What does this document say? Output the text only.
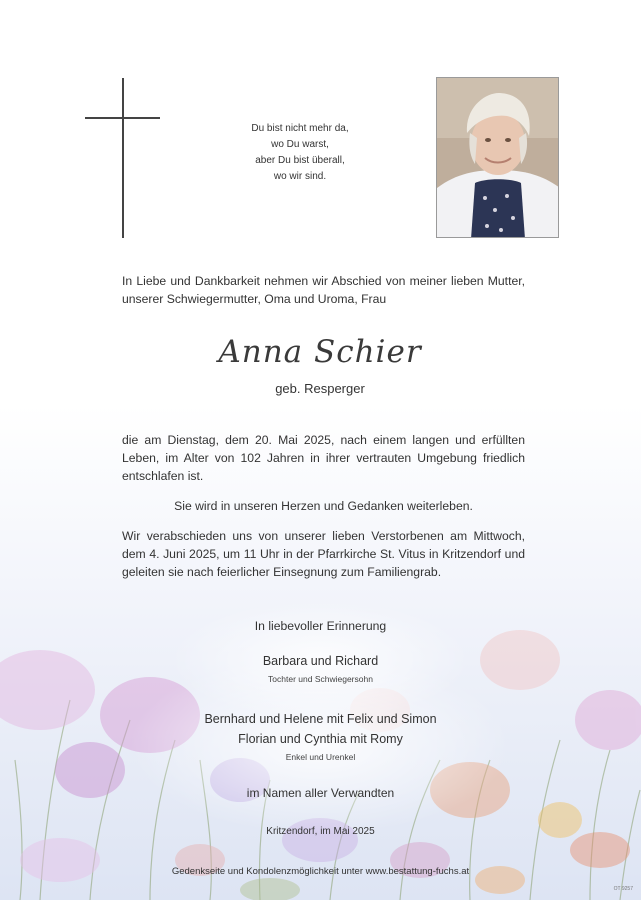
Du bist nicht mehr da,
wo Du warst,
aber Du bist überall,
wo wir sind.
In Liebe und Dankbarkeit nehmen wir Abschied von meiner lieben Mutter, unserer Schwiegermutter, Oma und Uroma, Frau
Anna Schier
geb. Resperger
die am Dienstag, dem 20. Mai 2025, nach einem langen und erfüllten Leben, im Alter von 102 Jahren in ihrer vertrauten Umgebung friedlich entschlafen ist.
Sie wird in unseren Herzen und Gedanken weiterleben.
Wir verabschieden uns von unserer lieben Verstorbenen am Mittwoch, dem 4. Juni 2025, um 11 Uhr in der Pfarrkirche St. Vitus in Kritzendorf und geleiten sie nach feierlicher Einsegnung zum Familiengrab.
In liebevoller Erinnerung
Barbara und Richard
Tochter und Schwiegersohn
Bernhard und Helene mit Felix und Simon
Florian und Cynthia mit Romy
Enkel und Urenkel
im Namen aller Verwandten
Kritzendorf, im Mai 2025
Gedenkseite und Kondolenzmöglichkeit unter www.bestattung-fuchs.at
OT 9257
